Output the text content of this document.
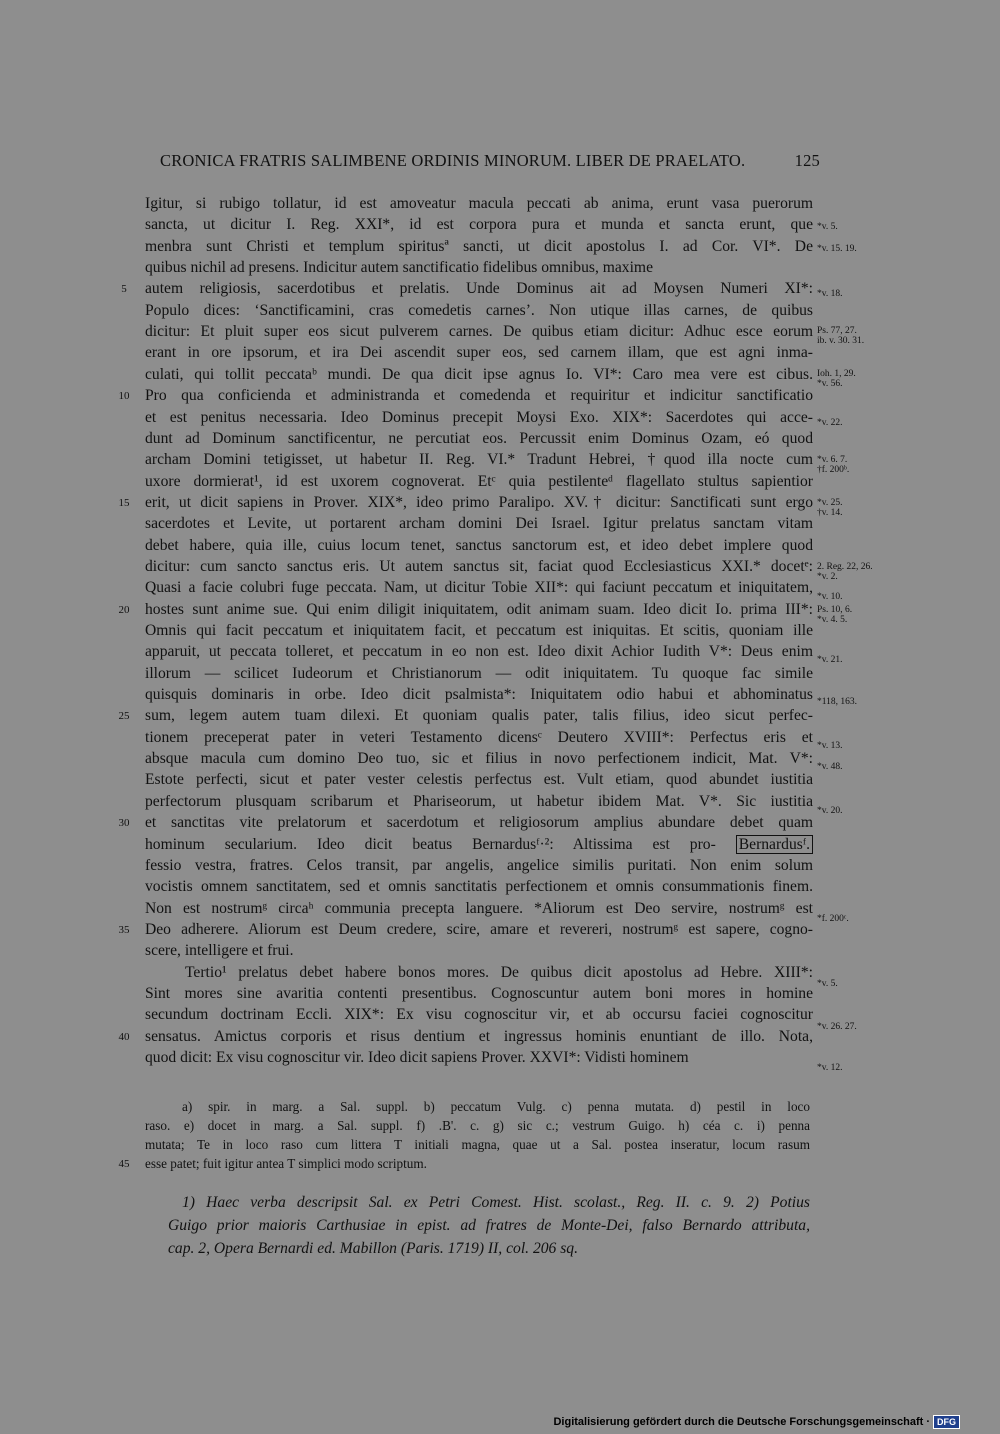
CRONICA FRATRIS SALIMBENE ORDINIS MINORUM. LIBER DE PRAELATO.	125
Igitur, si rubigo tollatur, id est amoveatur macula peccati ab anima, erunt vasa puerorum
sancta, ut dicitur I. Reg. XXI*, id est corpora pura et munda et sancta erunt, que
menbra sunt Christi et templum spiritusª sancti, ut dicit apostolus I. ad Cor. VI*. De
quibus nichil ad presens. Indicitur autem sanctificatio fidelibus omnibus, maxime
autem religiosis, sacerdotibus et prelatis. Unde Dominus ait ad Moysen Numeri XI*:
Populo dices: ‘Sanctificamini, cras comedetis carnes’. Non utique illas carnes, de quibus
dicitur: Et pluit super eos sicut pulverem carnes. De quibus etiam dicitur: Adhuc esce eorum
erant in ore ipsorum, et ira Dei ascendit super eos, sed carnem illam, que est agni inma-
culati, qui tollit peccataᵇ mundi. De qua dicit ipse agnus Io. VI*: Caro mea vere est cibus.
Pro qua conficienda et administranda et comedenda et requiritur et indicitur sanctificatio
et est penitus necessaria. Ideo Dominus precepit Moysi Exo. XIX*: Sacerdotes qui acce-
dunt ad Dominum sanctificentur, ne percutiat eos. Percussit enim Dominus Ozam, eó quod
archam Domini tetigisset, ut habetur II. Reg. VI.* Tradunt Hebrei, †quod illa nocte cum
uxore dormierat¹, id est uxorem cognoverat. Etᶜ quia pestilenteᵈ flagellato stultus sapientior
erit, ut dicit sapiens in Prover. XIX*, ideo primo Paralipo. XV.† dicitur: Sanctificati sunt ergo
sacerdotes et Levite, ut portarent archam domini Dei Israel. Igitur prelatus sanctam vitam
debet habere, quia ille, cuius locum tenet, sanctus sanctorum est, et ideo debet implere quod
dicitur: cum sancto sanctus eris. Ut autem sanctus sit, faciat quod Ecclesiasticus XXI.* docetᵉ:
Quasi a facie colubri fuge peccata. Nam, ut dicitur Tobie XII*: qui faciunt peccatum et iniquitatem,
hostes sunt anime sue. Qui enim diligit iniquitatem, odit animam suam. Ideo dicit Io. prima III*:
Omnis qui facit peccatum et iniquitatem facit, et peccatum est iniquitas. Et scitis, quoniam ille
apparuit, ut peccata tolleret, et peccatum in eo non est. Ideo dixit Achior Iudith V*: Deus enim
illorum — scilicet Iudeorum et Christianorum — odit iniquitatem. Tu quoque fac simile
quisquis dominaris in orbe. Ideo dicit psalmista*: Iniquitatem odio habui et abhominatus
sum, legem autem tuam dilexi. Et quoniam qualis pater, talis filius, ideo sicut perfec-
tionem preceperat pater in veteri Testamento dicensᶜ Deutero XVIII*: Perfectus eris et
absque macula cum domino Deo tuo, sic et filius in novo perfectionem indicit, Mat. V*:
Estote perfecti, sicut et pater vester celestis perfectus est. Vult etiam, quod abundet iustitia
perfectorum plusquam scribarum et Phariseorum, ut habetur ibidem Mat. V*. Sic iustitia
et sanctitas vite prelatorum et sacerdotum et religiosorum amplius abundare debet quam
hominum secularium. Ideo dicit beatus Bernardusᶠ·²: Altissima est pro- Bernardusᶠ.
fessio vestra, fratres. Celos transit, par angelis, angelice similis puritati. Non enim solum
vocistis omnem sanctitatem, sed et omnis sanctitatis perfectionem et omnis consummationis finem.
Non est nostrumᵍ circaʰ communia precepta languere. *Aliorum est Deo servire, nostrumᵍ est
Deo adherere. Aliorum est Deum credere, scire, amare et revereri, nostrumᵍ est sapere, cogno-
scere, intelligere et frui.
Tertio¹ prelatus debet habere bonos mores. De quibus dicit apostolus ad Hebre. XIII*:
Sint mores sine avaritia contenti presentibus. Cognoscuntur autem boni mores in homine
secundum doctrinam Eccli. XIX*: Ex visu cognoscitur vir, et ab occursu faciei cognoscitur
sensatus. Amictus corporis et risus dentium et ingressus hominis enuntiant de illo. Nota,
quod dicit: Ex visu cognoscitur vir. Ideo dicit sapiens Prover. XXVI*: Vidisti hominem
5
10
15
20
25
30
35
40
*v. 5.
*v. 15. 19.
*v. 18.
Ps. 77, 27.
ib. v. 30. 31.
Ioh. 1, 29.
*v. 56.
*v. 22.
*v. 6. 7.
†f. 200ᵇ.
*v. 25.
†v. 14.
2. Reg. 22, 26.
*v. 2.
*v. 10.
Ps. 10, 6.
*v. 4. 5.
*v. 21.
*118, 163.
*v. 13.
*v. 48.
*v. 20.
*f. 200ᶜ.
*v. 5.
*v. 26. 27.
*v. 12.
a) spir. in marg. a Sal. suppl. b) peccatum Vulg. c) penna mutata. d) pestil in loco
raso. e) docet in marg. a Sal. suppl. f) .B'. c. g) sic c.; vestrum Guigo. h) céa c. i) penna
mutata; Te in loco raso cum littera T initiali magna, quae ut a Sal. postea inseratur, locum rasum
esse patet; fuit igitur antea T simplici modo scriptum.
45
1) Haec verba descripsit Sal. ex Petri Comest. Hist. scolast., Reg. II. c. 9. 2) Potius
Guigo prior maioris Carthusiae in epist. ad fratres de Monte-Dei, falso Bernardo attributa,
cap. 2, Opera Bernardi ed. Mabillon (Paris. 1719) II, col. 206 sq.
Digitalisierung gefördert durch die Deutsche Forschungsgemeinschaft · DFG
